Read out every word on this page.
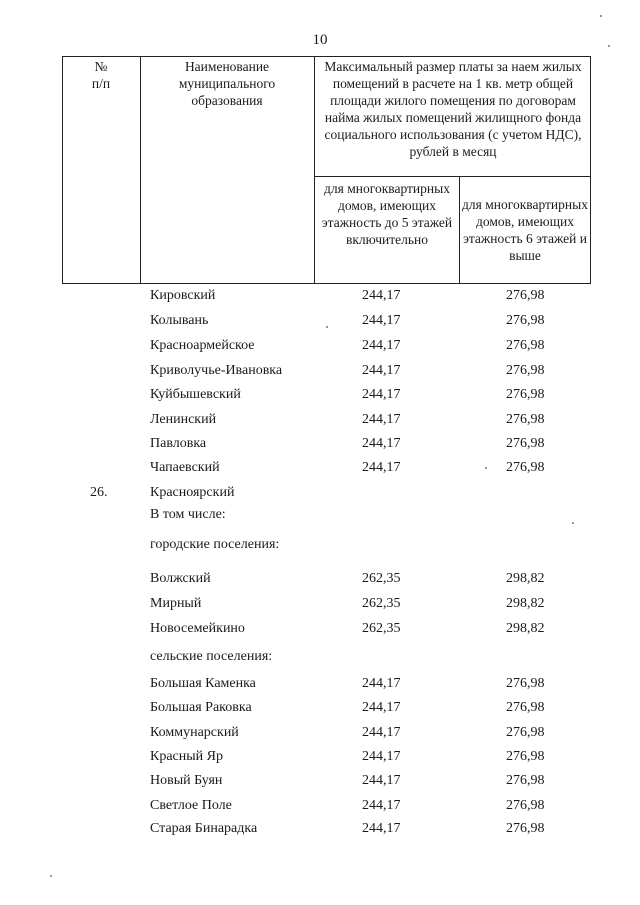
10
№
п/п
Наименование муниципального образования
Максимальный размер платы за наем жилых помещений в расчете на 1 кв. метр общей площади жилого помещения по договорам найма жилых помещений жилищного фонда социального использования (с учетом НДС), рублей в месяц
для многоквартирных домов, имеющих этажность до 5 этажей включительно
для многоквартирных домов, имеющих этажность 6 этажей и выше
Кировский	244,17	276,98
Колывань	244,17	276,98
Красноармейское	244,17	276,98
Криволучье-Ивановка	244,17	276,98
Куйбышевский	244,17	276,98
Ленинский	244,17	276,98
Павловка	244,17	276,98
Чапаевский	244,17	276,98
26.	Красноярский
В том числе:
городские поселения:
Волжский	262,35	298,82
Мирный	262,35	298,82
Новосемейкино	262,35	298,82
сельские поселения:
Большая Каменка	244,17	276,98
Большая Раковка	244,17	276,98
Коммунарский	244,17	276,98
Красный Яр	244,17	276,98
Новый Буян	244,17	276,98
Светлое Поле	244,17	276,98
Старая Бинарадка	244,17	276,98
